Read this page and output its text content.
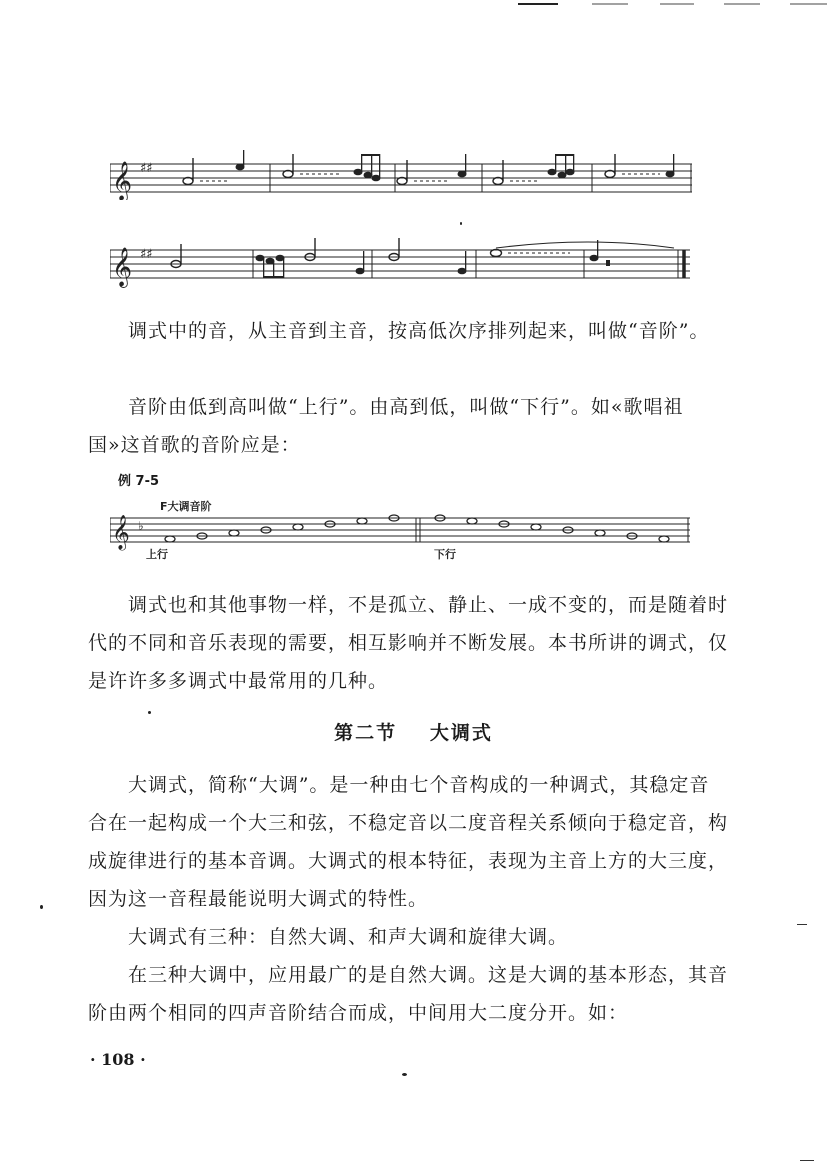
𝄞 ♯♯
𝄞 ♯♯

调式中的音，从主音到主音，按高低次序排列起来，叫做“音阶”。

音阶由低到高叫做“上行”。由高到低，叫做“下行”。如«歌唱祖国»这首歌的音阶应是：

例 7-5
F大调音阶
𝄞 ♭
上行	下行

调式也和其他事物一样，不是孤立、静止、一成不变的，而是随着时代的不同和音乐表现的需要，相互影响并不断发展。本书所讲的调式，仅是许许多多调式中最常用的几种。

第二节 大调式

大调式，简称“大调”。是一种由七个音构成的一种调式，其稳定音合在一起构成一个大三和弦，不稳定音以二度音程关系倾向于稳定音，构成旋律进行的基本音调。大调式的根本特征，表现为主音上方的大三度，因为这一音程最能说明大调式的特性。

大调式有三种：自然大调、和声大调和旋律大调。

在三种大调中，应用最广的是自然大调。这是大调的基本形态，其音阶由两个相同的四声音阶结合而成，中间用大二度分开。如：

· 108 ·
